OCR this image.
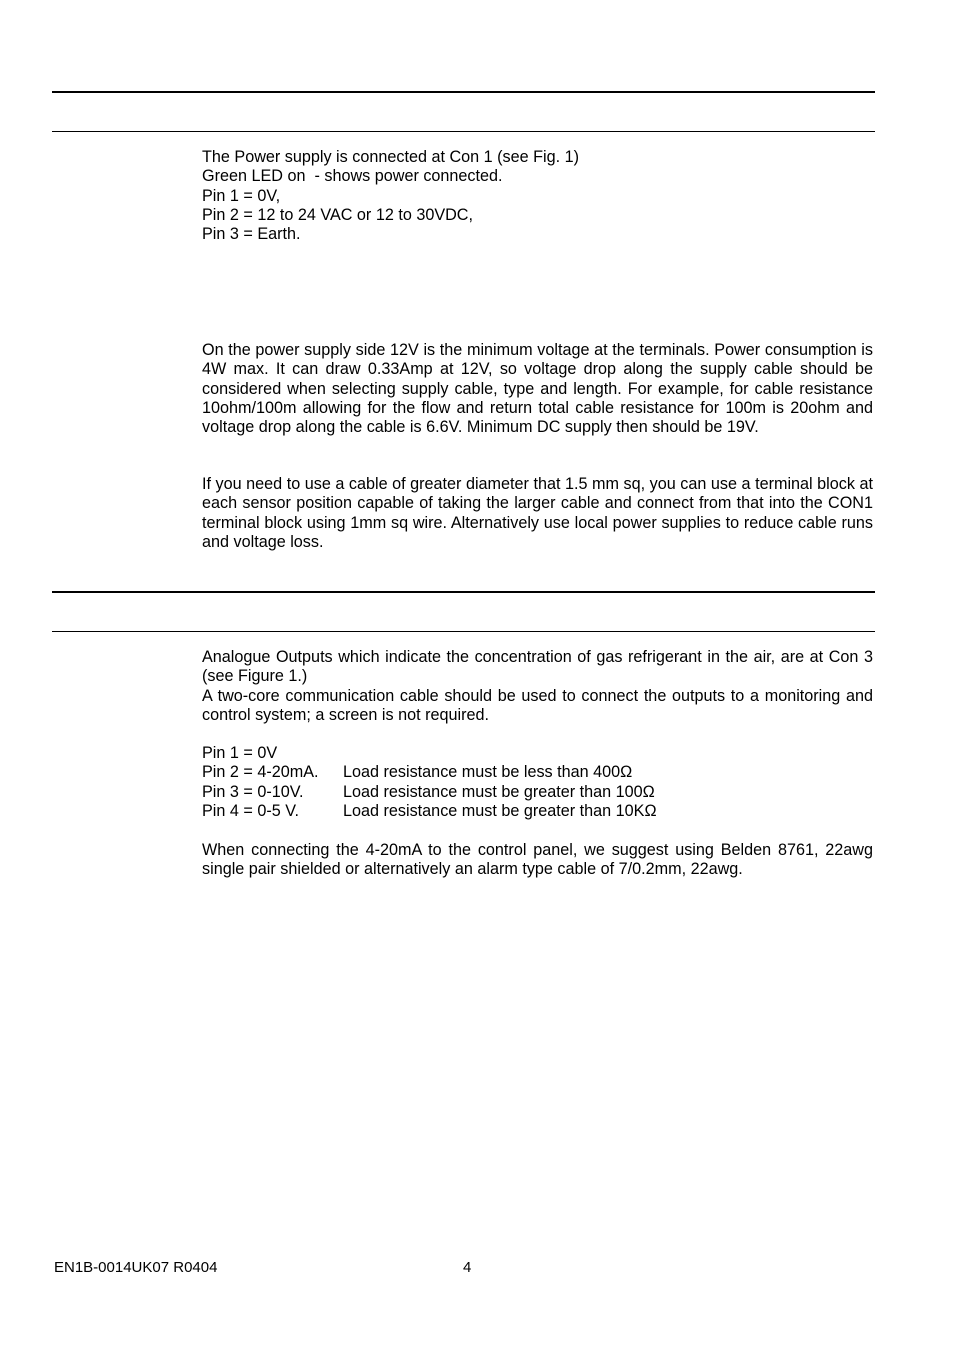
The Power supply is connected at Con 1 (see Fig. 1)
Green LED on  - shows power connected.
Pin 1 = 0V,
Pin 2 = 12 to 24 VAC or 12 to 30VDC,
Pin 3 = Earth.

On the power supply side 12V is the minimum voltage at the terminals. Power consumption is 4W max. It can draw 0.33Amp at 12V, so voltage drop along the supply cable should be considered when selecting supply cable, type and length. For example, for cable resistance 10ohm/100m allowing for the flow and return total cable resistance for 100m is 20ohm and voltage drop along the cable is 6.6V. Minimum DC supply then should be 19V.

If you need to use a cable of greater diameter that 1.5 mm sq, you can use a terminal block at each sensor position capable of taking the larger cable and connect from that into the CON1 terminal block using 1mm sq wire. Alternatively use local power supplies to reduce cable runs and voltage loss.

Analogue Outputs which indicate the concentration of gas refrigerant in the air, are at Con 3 (see Figure 1.)

A two-core communication cable should be used to connect the outputs to a monitoring and control system; a screen is not required.

Pin 1 = 0V
Pin 2 = 4-20mA.	Load resistance must be less than 400Ω
Pin 3 = 0-10V.	Load resistance must be greater than 100Ω
Pin 4 = 0-5 V.	Load resistance must be greater than 10KΩ

When connecting the 4-20mA to the control panel, we suggest using Belden 8761, 22awg single pair shielded or alternatively an alarm type cable of 7/0.2mm, 22awg.

EN1B-0014UK07 R0404	4
